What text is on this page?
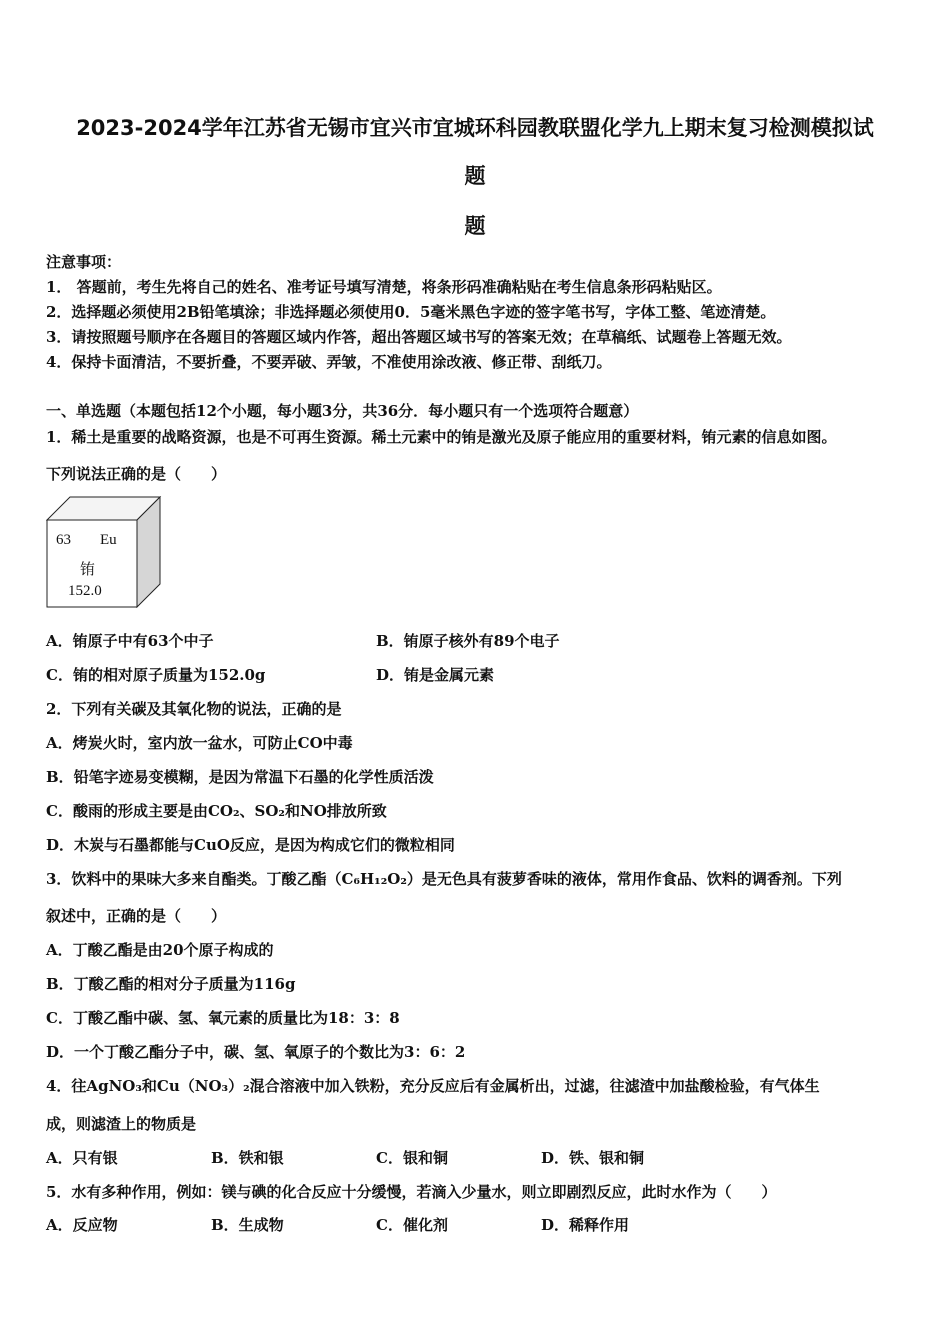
2023-2024学年江苏省无锡市宜兴市宜城环科园教联盟化学九上期末复习检测模拟试
题
题
注意事项：
1． 答题前，考生先将自己的姓名、准考证号填写清楚，将条形码准确粘贴在考生信息条形码粘贴区。
2．选择题必须使用2B铅笔填涂；非选择题必须使用0．5毫米黑色字迹的签字笔书写，字体工整、笔迹清楚。
3．请按照题号顺序在各题目的答题区域内作答，超出答题区域书写的答案无效；在草稿纸、试题卷上答题无效。
4．保持卡面清洁，不要折叠，不要弄破、弄皱，不准使用涂改液、修正带、刮纸刀。
一、单选题（本题包括12个小题，每小题3分，共36分．每小题只有一个选项符合题意）
1．稀土是重要的战略资源，也是不可再生资源。稀土元素中的铕是激光及原子能应用的重要材料，铕元素的信息如图。
下列说法正确的是（　　）
63 Eu
铕
152.0
A．铕原子中有63个中子	B．铕原子核外有89个电子
C．铕的相对原子质量为152.0g	D．铕是金属元素
2．下列有关碳及其氧化物的说法，正确的是
A．烤炭火时，室内放一盆水，可防止CO中毒
B．铅笔字迹易变模糊，是因为常温下石墨的化学性质活泼
C．酸雨的形成主要是由CO₂、SO₂和NO排放所致
D．木炭与石墨都能与CuO反应，是因为构成它们的微粒相同
3．饮料中的果味大多来自酯类。丁酸乙酯（C₆H₁₂O₂）是无色具有菠萝香味的液体，常用作食品、饮料的调香剂。下列
叙述中，正确的是（　　）
A．丁酸乙酯是由20个原子构成的
B．丁酸乙酯的相对分子质量为116g
C．丁酸乙酯中碳、氢、氧元素的质量比为18：3：8
D．一个丁酸乙酯分子中，碳、氢、氧原子的个数比为3：6：2
4．往AgNO₃和Cu（NO₃）₂混合溶液中加入铁粉，充分反应后有金属析出，过滤，往滤渣中加盐酸检验，有气体生
成，则滤渣上的物质是
A．只有银	B．铁和银	C．银和铜	D．铁、银和铜
5．水有多种作用，例如：镁与碘的化合反应十分缓慢，若滴入少量水，则立即剧烈反应，此时水作为（　　）
A．反应物	B．生成物	C．催化剂	D．稀释作用
